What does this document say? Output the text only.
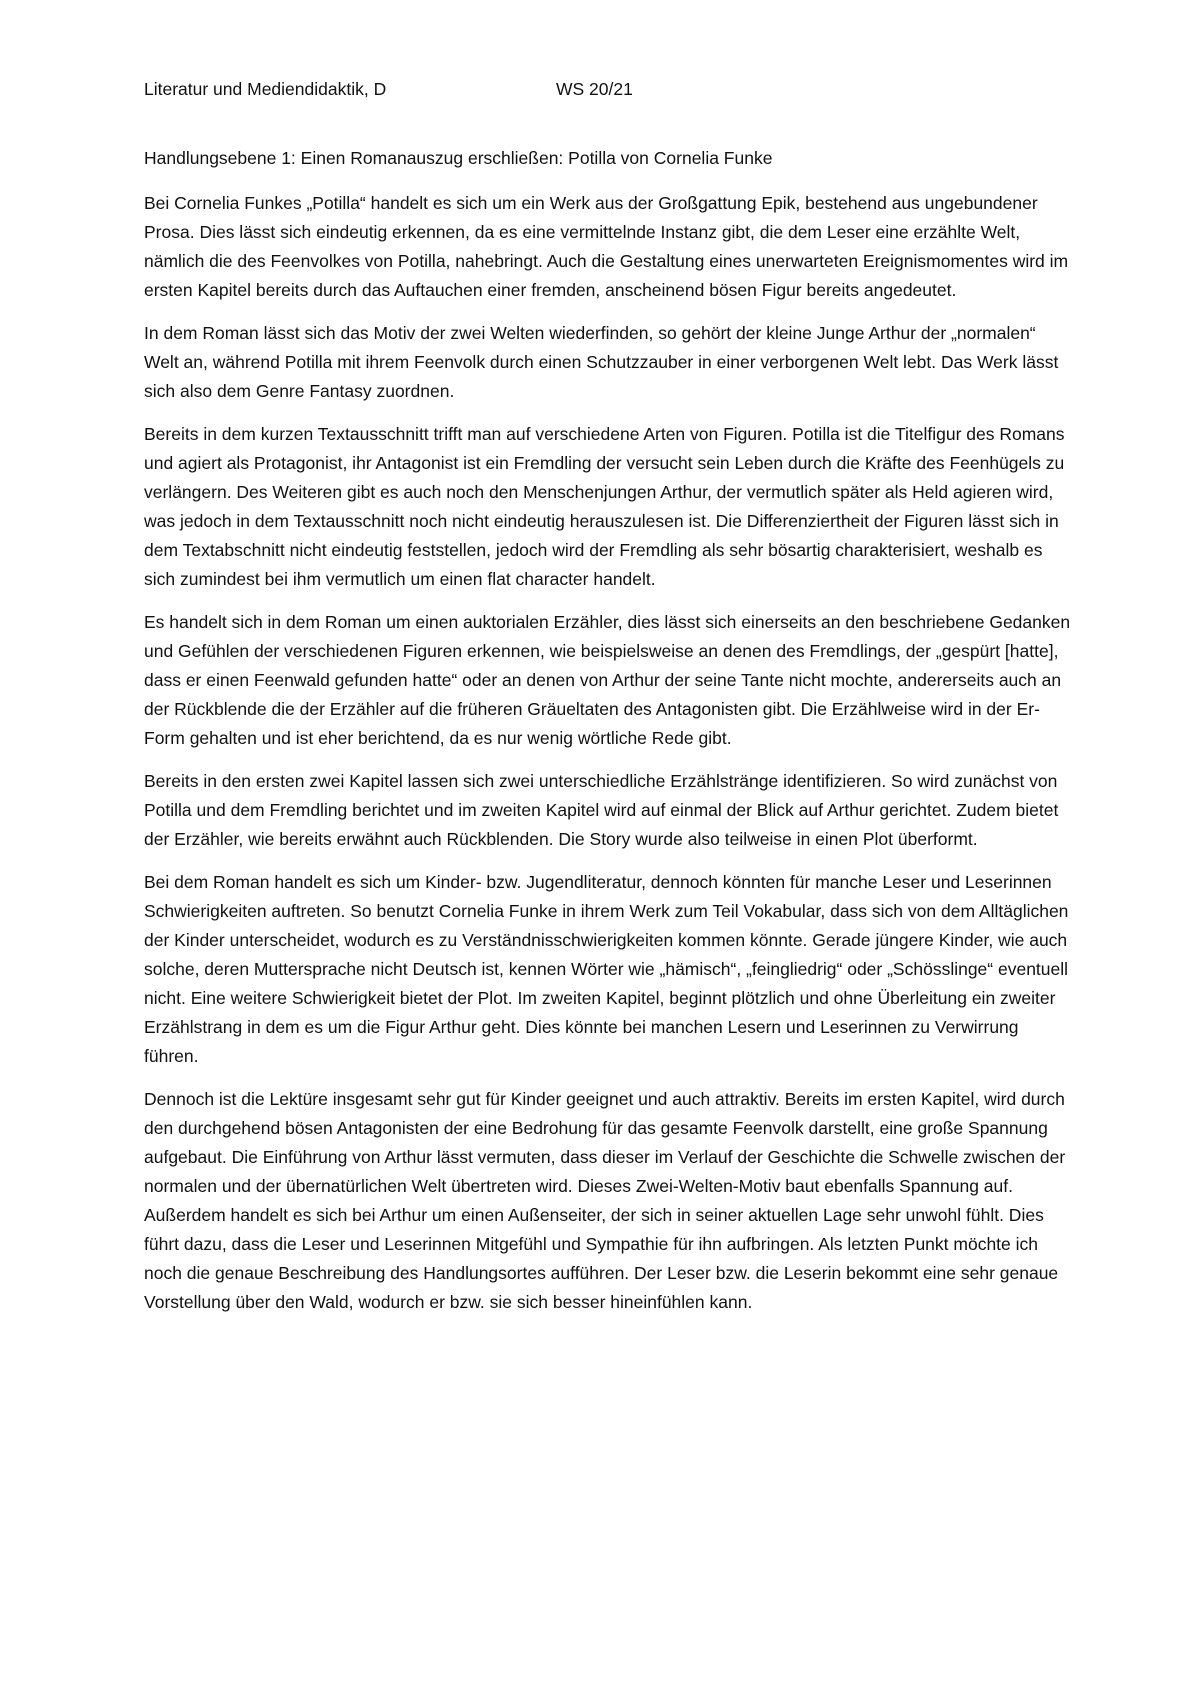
Literatur und Mediendidaktik, D	WS 20/21

Handlungsebene 1: Einen Romanauszug erschließen: Potilla von Cornelia Funke

Bei Cornelia Funkes „Potilla“ handelt es sich um ein Werk aus der Großgattung Epik, bestehend aus ungebundener Prosa. Dies lässt sich eindeutig erkennen, da es eine vermittelnde Instanz gibt, die dem Leser eine erzählte Welt, nämlich die des Feenvolkes von Potilla, nahebringt. Auch die Gestaltung eines unerwarteten Ereignismomentes wird im ersten Kapitel bereits durch das Auftauchen einer fremden, anscheinend bösen Figur bereits angedeutet.

In dem Roman lässt sich das Motiv der zwei Welten wiederfinden, so gehört der kleine Junge Arthur der „normalen“ Welt an, während Potilla mit ihrem Feenvolk durch einen Schutzzauber in einer verborgenen Welt lebt. Das Werk lässt sich also dem Genre Fantasy zuordnen.

Bereits in dem kurzen Textausschnitt trifft man auf verschiedene Arten von Figuren. Potilla ist die Titelfigur des Romans und agiert als Protagonist, ihr Antagonist ist ein Fremdling der versucht sein Leben durch die Kräfte des Feenhügels zu verlängern. Des Weiteren gibt es auch noch den Menschenjungen Arthur, der vermutlich später als Held agieren wird, was jedoch in dem Textausschnitt noch nicht eindeutig herauszulesen ist. Die Differenziertheit der Figuren lässt sich in dem Textabschnitt nicht eindeutig feststellen, jedoch wird der Fremdling als sehr bösartig charakterisiert, weshalb es sich zumindest bei ihm vermutlich um einen flat character handelt.

Es handelt sich in dem Roman um einen auktorialen Erzähler, dies lässt sich einerseits an den beschriebene Gedanken und Gefühlen der verschiedenen Figuren erkennen, wie beispielsweise an denen des Fremdlings, der „gespürt [hatte], dass er einen Feenwald gefunden hatte“ oder an denen von Arthur der seine Tante nicht mochte, andererseits auch an der Rückblende die der Erzähler auf die früheren Gräueltaten des Antagonisten gibt. Die Erzählweise wird in der Er-Form gehalten und ist eher berichtend, da es nur wenig wörtliche Rede gibt.

Bereits in den ersten zwei Kapitel lassen sich zwei unterschiedliche Erzählstränge identifizieren. So wird zunächst von Potilla und dem Fremdling berichtet und im zweiten Kapitel wird auf einmal der Blick auf Arthur gerichtet. Zudem bietet der Erzähler, wie bereits erwähnt auch Rückblenden. Die Story wurde also teilweise in einen Plot überformt.

Bei dem Roman handelt es sich um Kinder- bzw. Jugendliteratur, dennoch könnten für manche Leser und Leserinnen Schwierigkeiten auftreten. So benutzt Cornelia Funke in ihrem Werk zum Teil Vokabular, dass sich von dem Alltäglichen der Kinder unterscheidet, wodurch es zu Verständnisschwierigkeiten kommen könnte. Gerade jüngere Kinder, wie auch solche, deren Muttersprache nicht Deutsch ist, kennen Wörter wie „hämisch“, „feingliedrig“ oder „Schösslinge“ eventuell nicht. Eine weitere Schwierigkeit bietet der Plot. Im zweiten Kapitel, beginnt plötzlich und ohne Überleitung ein zweiter Erzählstrang in dem es um die Figur Arthur geht. Dies könnte bei manchen Lesern und Leserinnen zu Verwirrung führen.

Dennoch ist die Lektüre insgesamt sehr gut für Kinder geeignet und auch attraktiv. Bereits im ersten Kapitel, wird durch den durchgehend bösen Antagonisten der eine Bedrohung für das gesamte Feenvolk darstellt, eine große Spannung aufgebaut. Die Einführung von Arthur lässt vermuten, dass dieser im Verlauf der Geschichte die Schwelle zwischen der normalen und der übernatürlichen Welt übertreten wird. Dieses Zwei-Welten-Motiv baut ebenfalls Spannung auf. Außerdem handelt es sich bei Arthur um einen Außenseiter, der sich in seiner aktuellen Lage sehr unwohl fühlt. Dies führt dazu, dass die Leser und Leserinnen Mitgefühl und Sympathie für ihn aufbringen. Als letzten Punkt möchte ich noch die genaue Beschreibung des Handlungsortes aufführen. Der Leser bzw. die Leserin bekommt eine sehr genaue Vorstellung über den Wald, wodurch er bzw. sie sich besser hineinfühlen kann.
